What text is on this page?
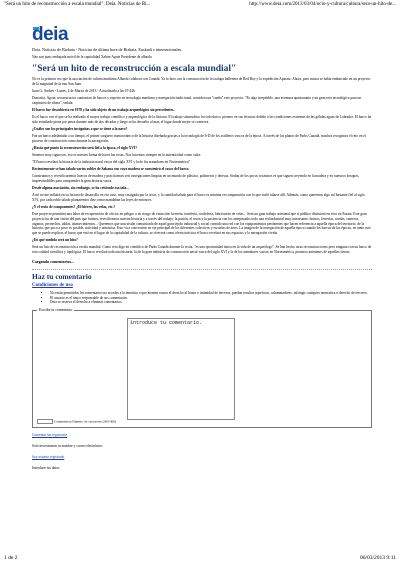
"Será un hito de reconstrucción a escala mundial". Deia. Noticias de Bi...	http://www.deia.com/2013/03/04/ocio-y-cultura/cultura/sera-un-hito-de...
deia
Deia. Noticias de Bizkaia - Noticias de última hora de Bizkaia, Euskadi e internacionales.
Nao san juan, embajada móvil de la capitalidad Xabier Agote Presidente de albaola
"Será un hito de reconstrucción a escala mundial"

No es la primera vez que la asociación de cultura marítima Albaola colabora con Canadá. Ya lo hizo con la construcción de la txalupa ballenera de Red Bay y la expedición Aparaiz. Ahora, pero nunca se había embarcado en un proyecto de la magnitud de la nao San Juan.

Juan G. Andrés - Lunes, 4 de Marzo de 2013 - Actualizado a las 07:44h

Donostia. Agote, reconstructor cuntrastao de barcos y experto en tecnología marítima y navegación tradicional, considera un "sueño" este proyecto. "Es algo irrepetible, una aventura apasionante y un gran reto tecnológico para un carpintero de ribera", señala.

El barco fue descubierto en 1978 y ha sido objeto de un trabajo arqueológico sin precedentes.

Es el barco con el que se ha realizado el mayor trabajo científico y arqueológico de la historia. El trabajo subacuático ha sido único, pionero en sus técnicas debido a las condiciones extremas de las gélidas aguas de Labrador. El barco ha sido estudiado pieza por pieza durante más de dos décadas y luego se ha devuelto al mar, el lugar donde mejor se conserva.

¿Cuáles son los principales incógnitas a que se tiene a la nave?

Fue un barco adelantado a su tiempo, el primer carguero transoceánico de la historia diseñada gracias a la tecnología de I+D de los astilleros vascos de la época. A través de los planos de Parks Canadá, muchos recogimos el reto en el proceso de construcción como durante la navegación.

¿Hasta qué punto la reconstrucción será fiel a la época, el siglo XVI?

Seremos muy rigurosos, eso es nuestra forma de hacer las cosas. Nos hacemos siempre en la autenticidad como valor.

"El barco revelará la historia de la industria naval vasca del siglo XVI y la de los armadores en Norteamérica"

Recientemente se han talado varios robles de Sakana con cuya madera se construirá el casco del barco.

Construimos y revivilicaremos huecos de madera y practicamos seis navegaciones limpias en un mundo de plástico, polímeros y derivas. Sirdau de los pocos rocasinos es que siguen creyendo en la madera y en nuestros bosques, imprescindibles para comprender la gran historia vasca.

Desde alguna asociación, sin embargo, se ha criticado esa tala...

A mí no me influirá en su factura de desarrollo en ese caso, muy castigada por la crisis, y la cantidad talada para el barco es mínima en comparación con lo que suele talarse allí. Además, como queremos algo así bastante fiel al siglo XVI, por cada roble talado plantaremos diez como mandaban las leyes de entonces.

¿Y el resto de componentes? ¿El hierro, las velas, etc.?

Este proyecto permitirá una labor de recuperación de oficios en peligro o en riesgo de extinción: herrería, tonelería, cordelería, fabricación de velas... Será un gran trabajo artesanal que sí público disfrutará en vivo en Pasaia. Este gran proyecto ha de una visión del país que fuimos, revivilicemos nuestra historia y a través del trabajo, la pasión, el tesón y la paciencia con los antepasados todo una red industrial muy interesante: hornos, ferrerías, ruedas, canteros, organos, pertrechos, tablas, abastecimientos... Queremos que una visión comunicada de aquel gran tejido industrial y social creando una red con los equipamientos pertinentes que hacen referencia a aquella época del territorio, de la historia, que poco a poco es posible, actividad y armónica. Esto va a convertirse en eje principal de los diferentes colectivos y escuelas de artes. La imagen de la navegación de aquella época cuando los barcos de las épocas, en tanto esto que se puede explicar, el barco que está en el lugar de la capitalidad de la cultura, se ofrecerá como oferta turística el barco revelará en sus espacios y la navegación vivida.

¿En qué medida será un hito?

Será un hito de reconstrucción a escala mundial. Como reto digo en científico de Parks Canadá durante la visita, "es una oportunidad única en la vida de un arqueólogo". Se han hecho otras reconstrucciones pero ninguna con un barco de esta calidad científica y tipológica. El barco revelará toda una historia: la de la gran industria de construcción naval vasca del siglo XVI y la de los armadores vascos en Norteamérica, pioneros anónimos de aquellas tierras.

Cargando comentarios...
Haz tu comentario
Condiciones de uso
• No están permitidos los comentarios no acordes a la temática o que atenten contra el derecho al honor e intimidad de terceros, puedan resultar injuriosos, calumniadores, infringir cualquier normativa o derecho de terceros.
• El usuario es el único responsable de sus comentarios.
• Deia se reserva el derecho a eliminar comentarios.
Escribe tu comentario
introduce tu comentario.
Comentarios/Número de caracteres (300/300)
Comentar sin registrarse
Solo necesitamos tu nombre y correo electrónico.
Soy usuario registrado
Introduce tus datos.
1 de 2	06/03/2013 9:11
